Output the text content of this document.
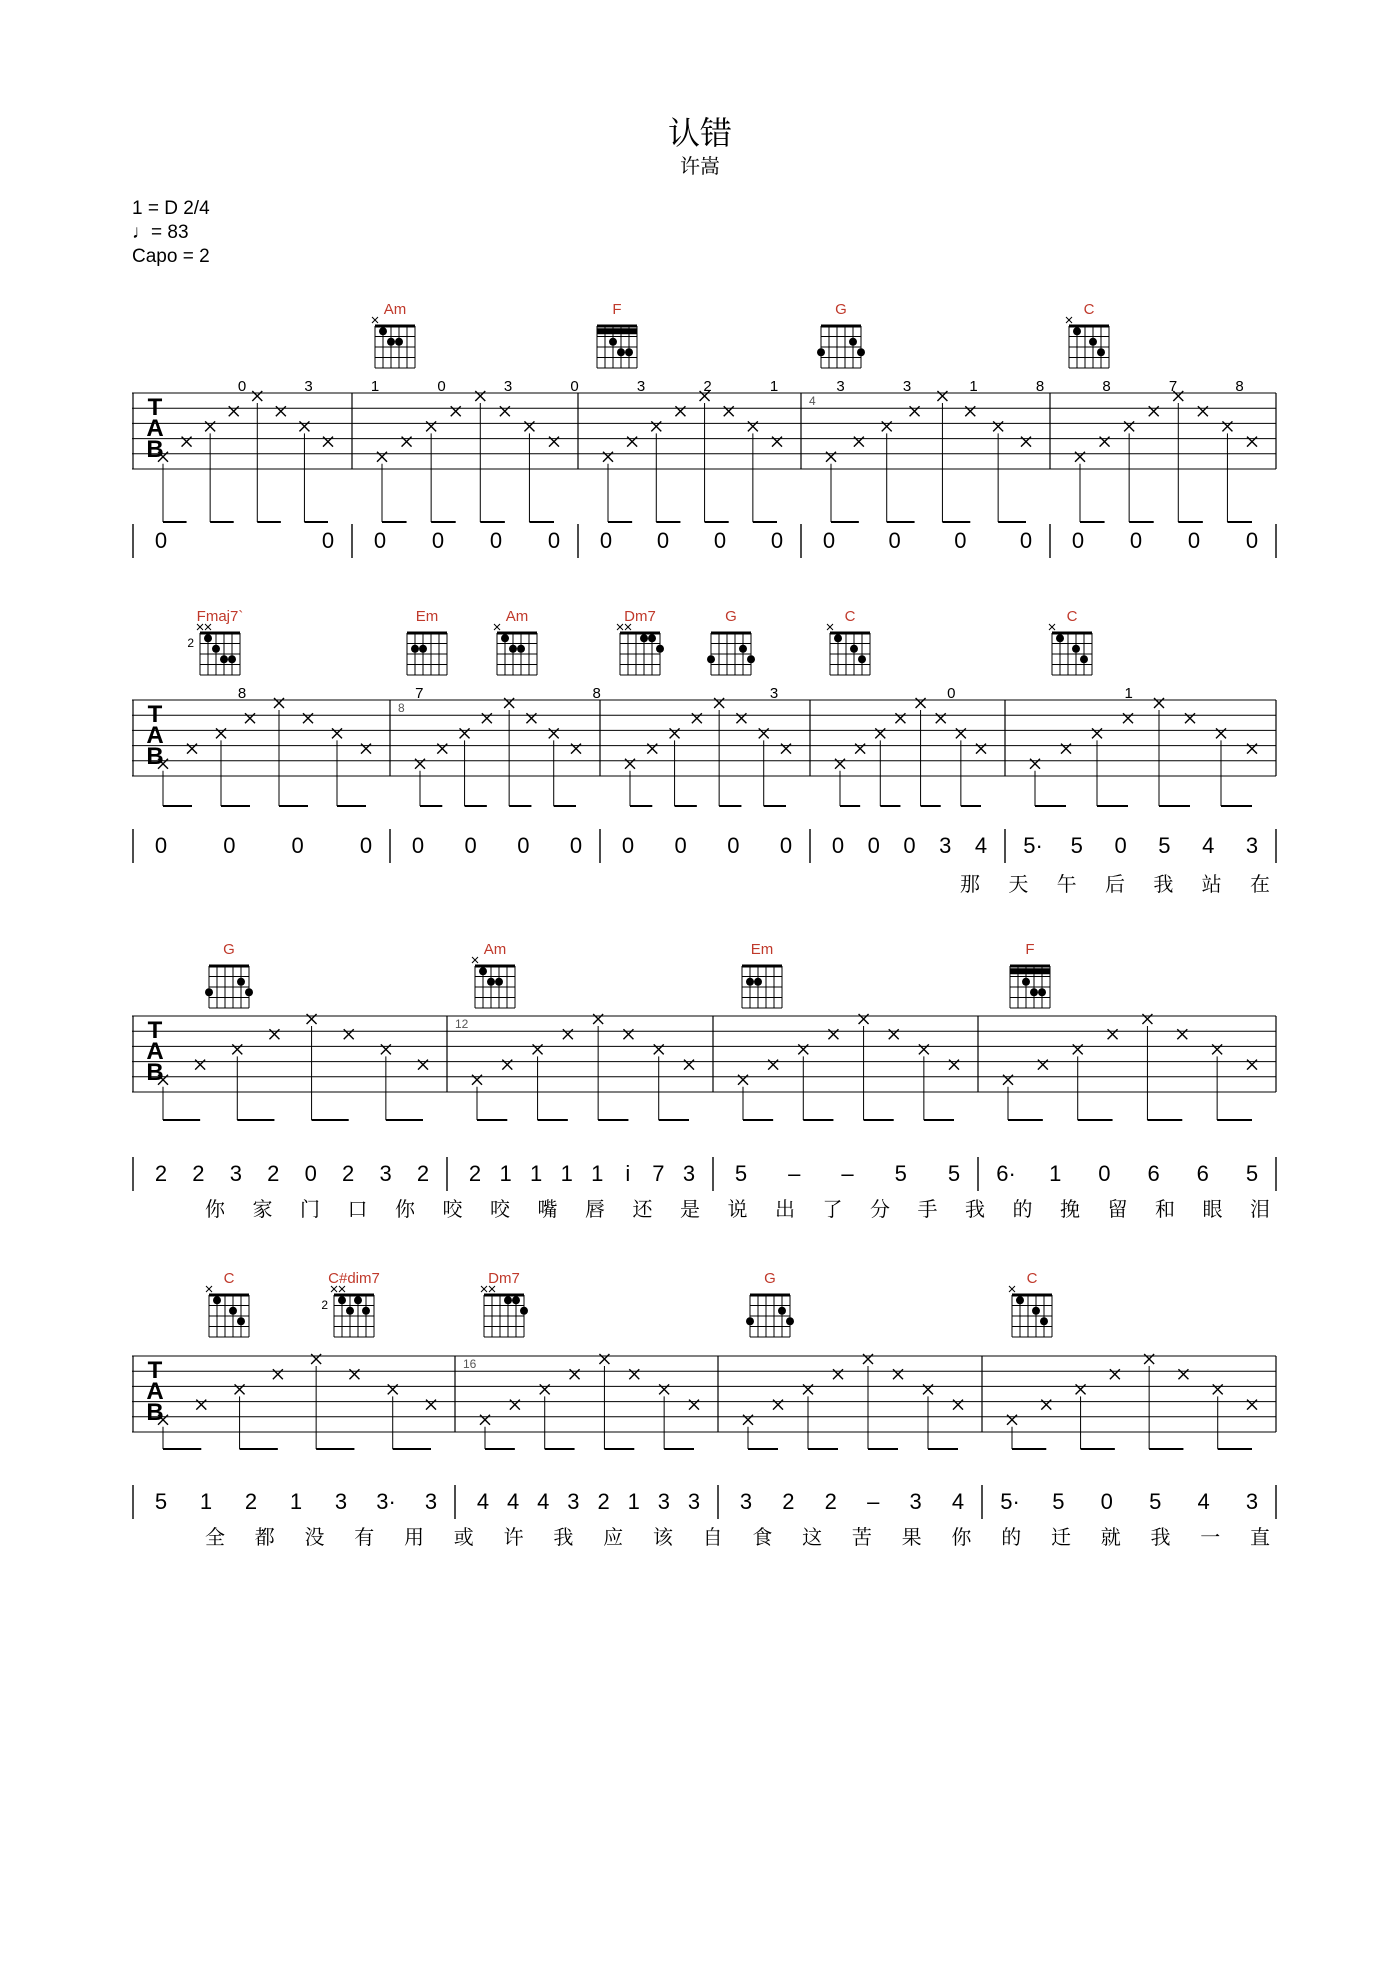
认错
许嵩
1 = D 2/4
♩= 83
Capo = 2
T
A
B
4
Am	F	G	C
0	3	1	0	3	0	3	2	1	3	3	1	8	8	7	8
0	0 0 0 0 0 0 0 0 0 0 0 0 0 0 0 0 0
T
A
B
8
Fmaj7`
2
Em	Am	Dm7	G	C	C
8	7	8	3	0	1
0	0	0	0 0 0 0 0 0 0 0 0 0 0 0 3 4 5· 5 0 5 4 3
那 天 午 后 我 站 在
T
A
B
12
G	Am	Em	F
2 2 3 2 0 2 3 2 2 1 1 1 1 i 7 3 5 – – 5 5 6· 1 0 6 6 5
你 家 门 口 你 咬 咬 嘴 唇 还 是 说 出 了 分 手 我 的 挽 留 和 眼 泪
T
A
B
16
C	C#dim7
2
Dm7	G	C
5 1 2 1 3 3· 3 4 4 4 3 2 1 3 3 3 2 2 – 3 4 5· 5 0 5 4 3
全 都 没 有 用 或 许 我 应 该 自 食 这 苦 果 你 的 迁 就 我 一 直
